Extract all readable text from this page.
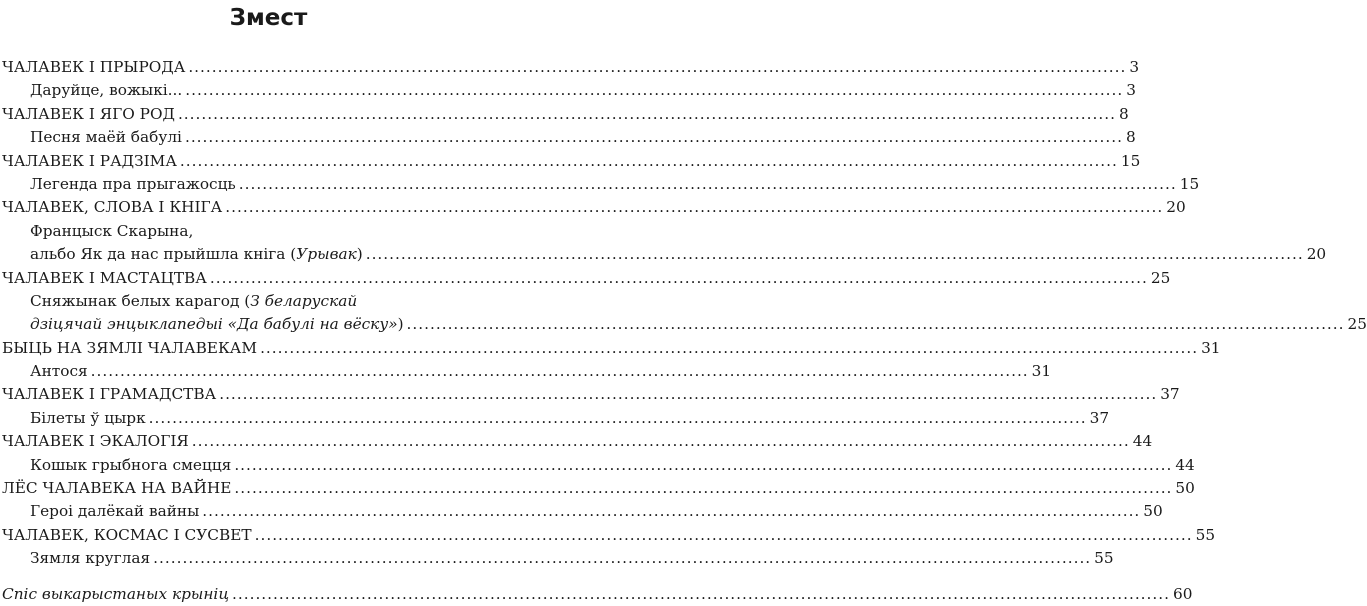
Змест
ЧАЛАВЕК І ПРЫРОДА .....	3
Даруйце, вожыкі... .....	3
ЧАЛАВЕК І ЯГО РОД .....	8
Песня маёй бабулі .....	8
ЧАЛАВЕК І РАДЗІМА .....	15
Легенда пра прыгажосць .....	15
ЧАЛАВЕК, СЛОВА І КНІГА .....	20
Францыск Скарына,
альбо Як да нас прыйшла кніга (Урывак) .....	20
ЧАЛАВЕК І МАСТАЦТВА .....	25
Сняжынак белых карагод (З беларускай
дзіцячай энцыклапедыі «Да бабулі на вёску») .....	25
БЫЦЬ НА ЗЯМЛІ ЧАЛАВЕКАМ .....	31
Антося .....	31
ЧАЛАВЕК І ГРАМАДСТВА .....	37
Білеты ў цырк .....	37
ЧАЛАВЕК І ЭКАЛОГІЯ .....	44
Кошык грыбнога смецця .....	44
ЛЁС ЧАЛАВЕКА НА ВАЙНЕ .....	50
Героі далёкай вайны .....	50
ЧАЛАВЕК, КОСМАС І СУСВЕТ .....	55
Зямля круглая .....	55
Спіс выкарыстаных крыніц .....	60
